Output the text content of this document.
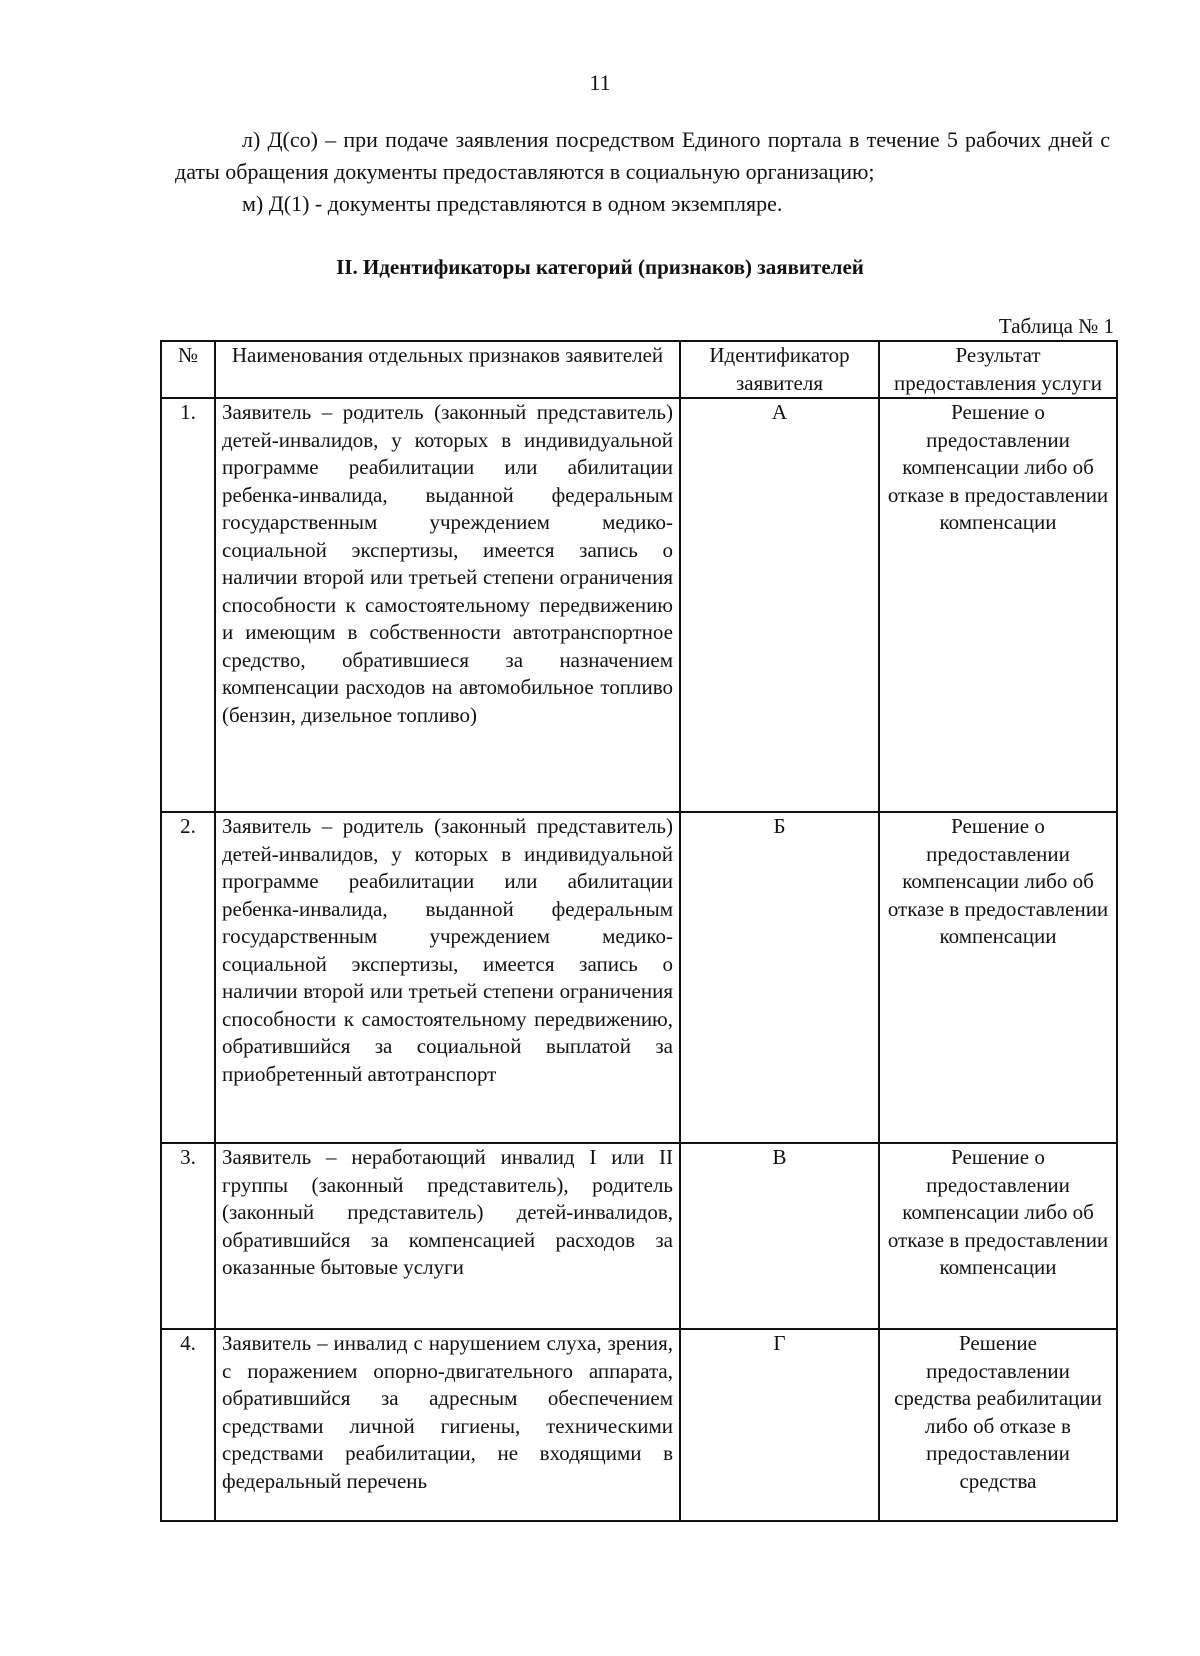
11
л) Д(со) – при подаче заявления посредством Единого портала в течение 5 рабочих дней с даты обращения документы предоставляются в социальную организацию;
м) Д(1) - документы представляются в одном экземпляре.
II. Идентификаторы категорий (признаков) заявителей
Таблица № 1
№	Наименования отдельных признаков заявителей	Идентификатор заявителя	Результат предоставления услуги
1.	Заявитель – родитель (законный представитель) детей-инвалидов, у которых в индивидуальной программе реабилитации или абилитации ребенка-инвалида, выданной федеральным государственным учреждением медико-социальной экспертизы, имеется запись о наличии второй или третьей степени ограничения способности к самостоятельному передвижению и имеющим в собственности автотранспортное средство, обратившиеся за назначением компенсации расходов на автомобильное топливо (бензин, дизельное топливо)	А	Решение о предоставлении компенсации либо об отказе в предоставлении компенсации
2.	Заявитель – родитель (законный представитель) детей-инвалидов, у которых в индивидуальной программе реабилитации или абилитации ребенка-инвалида, выданной федеральным государственным учреждением медико-социальной экспертизы, имеется запись о наличии второй или третьей степени ограничения способности к самостоятельному передвижению, обратившийся за социальной выплатой за приобретенный автотранспорт	Б	Решение о предоставлении компенсации либо об отказе в предоставлении компенсации
3.	Заявитель – неработающий инвалид I или II группы (законный представитель), родитель (законный представитель) детей-инвалидов, обратившийся за компенсацией расходов за оказанные бытовые услуги	В	Решение о предоставлении компенсации либо об отказе в предоставлении компенсации
4.	Заявитель – инвалид с нарушением слуха, зрения, с поражением опорно-двигательного аппарата, обратившийся за адресным обеспечением средствами личной гигиены, техническими средствами реабилитации, не входящими в федеральный перечень	Г	Решение предоставлении средства реабилитации либо об отказе в предоставлении средства
